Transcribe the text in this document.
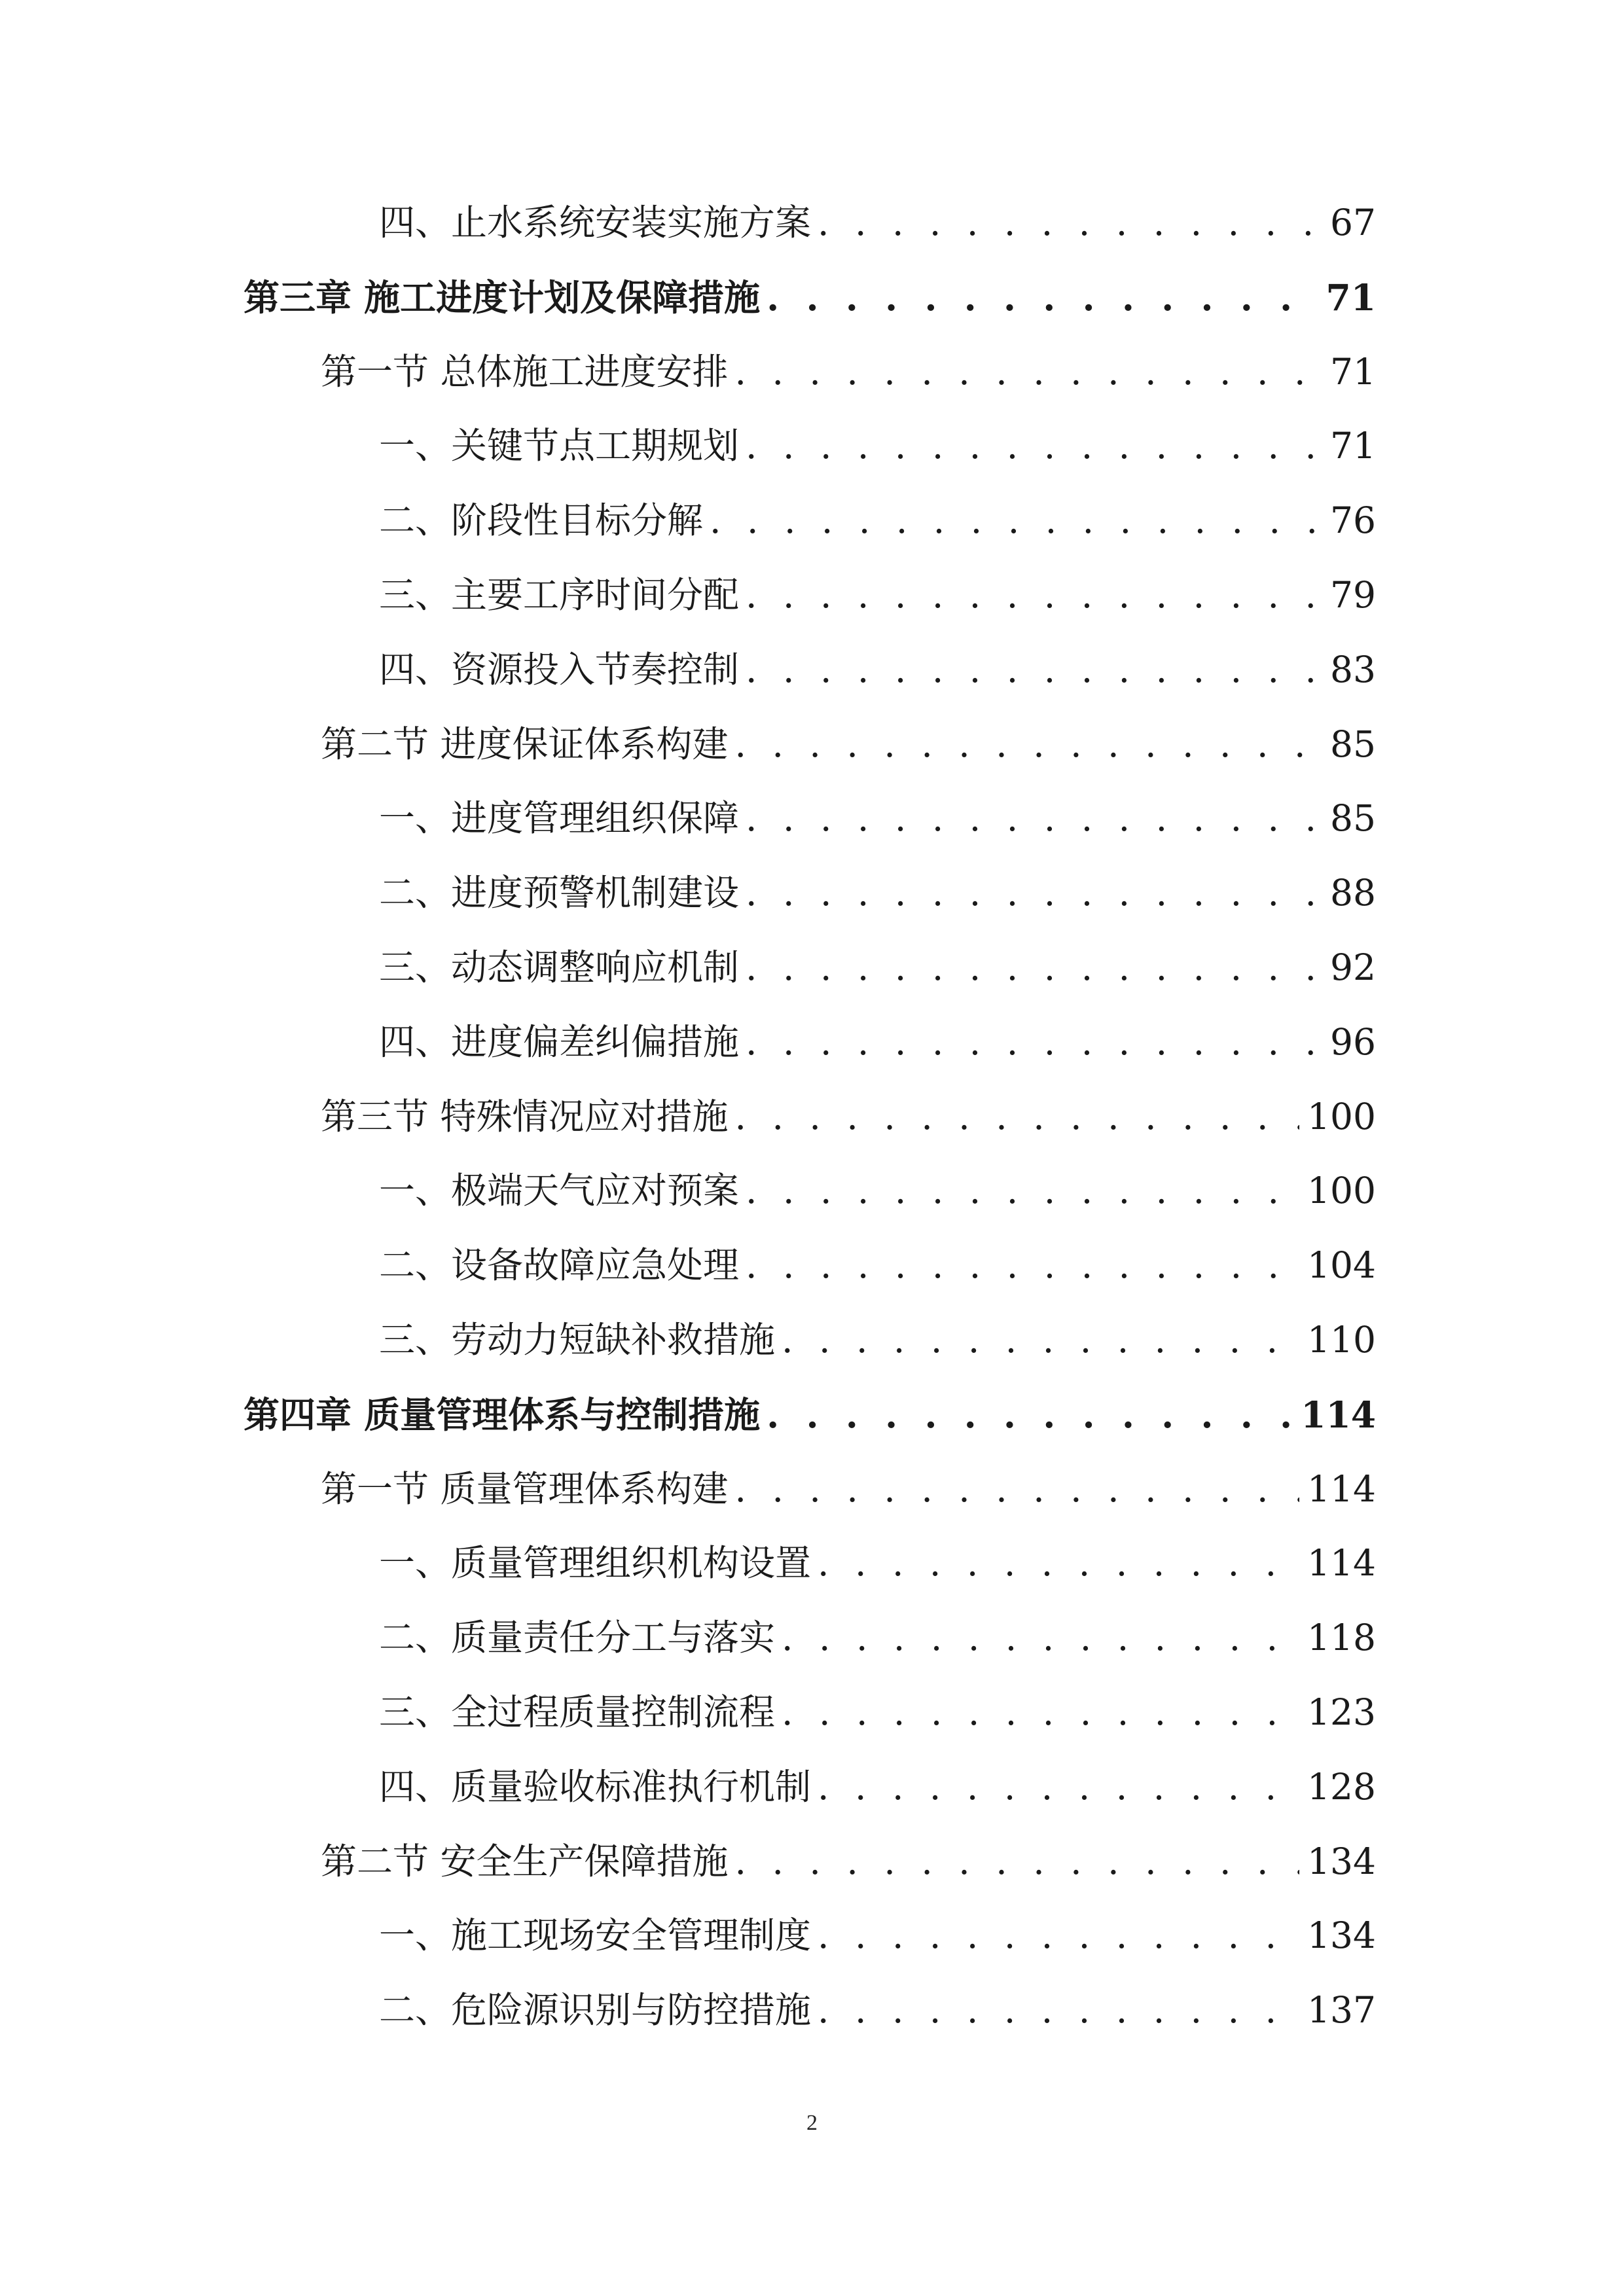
四、止水系统安装实施方案 . . .	67
第三章 施工进度计划及保障措施 . . .	71
第一节 总体施工进度安排 . . .	71
一、关键节点工期规划 . . .	71
二、阶段性目标分解 . . .	76
三、主要工序时间分配 . . .	79
四、资源投入节奏控制 . . .	83
第二节 进度保证体系构建 . . .	85
一、进度管理组织保障 . . .	85
二、进度预警机制建设 . . .	88
三、动态调整响应机制 . . .	92
四、进度偏差纠偏措施 . . .	96
第三节 特殊情况应对措施 . . .	100
一、极端天气应对预案 . . .	100
二、设备故障应急处理 . . .	104
三、劳动力短缺补救措施 . . .	110
第四章 质量管理体系与控制措施 . . .	114
第一节 质量管理体系构建 . . .	114
一、质量管理组织机构设置 . . .	114
二、质量责任分工与落实 . . .	118
三、全过程质量控制流程 . . .	123
四、质量验收标准执行机制 . . .	128
第二节 安全生产保障措施 . . .	134
一、施工现场安全管理制度 . . .	134
二、危险源识别与防控措施 . . .	137
2
